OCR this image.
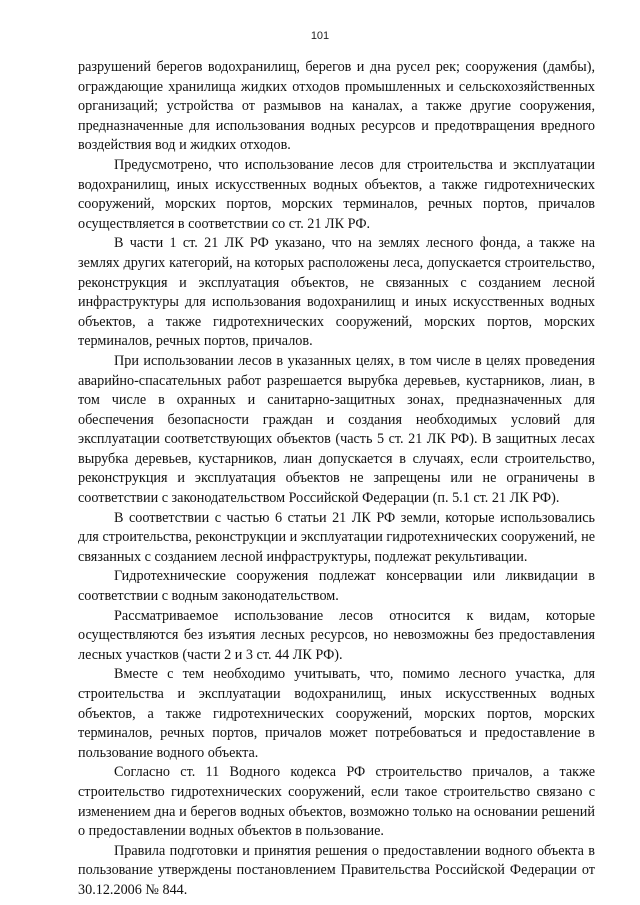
101

разрушений берегов водохранилищ, берегов и дна русел рек; сооружения (дамбы), ограждающие хранилища жидких отходов промышленных и сельскохозяйственных организаций; устройства от размывов на каналах, а также другие сооружения, предназначенные для использования водных ресурсов и предотвращения вредного воздействия вод и жидких отходов.

Предусмотрено, что использование лесов для строительства и эксплуатации водохранилищ, иных искусственных водных объектов, а также гидротехнических сооружений, морских портов, морских терминалов, речных портов, причалов осуществляется в соответствии со ст. 21 ЛК РФ.

В части 1 ст. 21 ЛК РФ указано, что на землях лесного фонда, а также на землях других категорий, на которых расположены леса, допускается строительство, реконструкция и эксплуатация объектов, не связанных с созданием лесной инфраструктуры для использования водохранилищ и иных искусственных водных объектов, а также гидротехнических сооружений, морских портов, морских терминалов, речных портов, причалов.

При использовании лесов в указанных целях, в том числе в целях проведения аварийно-спасательных работ разрешается вырубка деревьев, кустарников, лиан, в том числе в охранных и санитарно-защитных зонах, предназначенных для обеспечения безопасности граждан и создания необходимых условий для эксплуатации соответствующих объектов (часть 5 ст. 21 ЛК РФ). В защитных лесах вырубка деревьев, кустарников, лиан допускается в случаях, если строительство, реконструкция и эксплуатация объектов не запрещены или не ограничены в соответствии с законодательством Российской Федерации (п. 5.1 ст. 21 ЛК РФ).

В соответствии с частью 6 статьи 21 ЛК РФ земли, которые использовались для строительства, реконструкции и эксплуатации гидротехнических сооружений, не связанных с созданием лесной инфраструктуры, подлежат рекультивации.

Гидротехнические сооружения подлежат консервации или ликвидации в соответствии с водным законодательством.

Рассматриваемое использование лесов относится к видам, которые осуществляются без изъятия лесных ресурсов, но невозможны без предоставления лесных участков (части 2 и 3 ст. 44 ЛК РФ).

Вместе с тем необходимо учитывать, что, помимо лесного участка, для строительства и эксплуатации водохранилищ, иных искусственных водных объектов, а также гидротехнических сооружений, морских портов, морских терминалов, речных портов, причалов может потребоваться и предоставление в пользование водного объекта.

Согласно ст. 11 Водного кодекса РФ строительство причалов, а также строительство гидротехнических сооружений, если такое строительство связано с изменением дна и берегов водных объектов, возможно только на основании решений о предоставлении водных объектов в пользование.

Правила подготовки и принятия решения о предоставлении водного объекта в пользование утверждены постановлением Правительства Российской Федерации от 30.12.2006 № 844.
